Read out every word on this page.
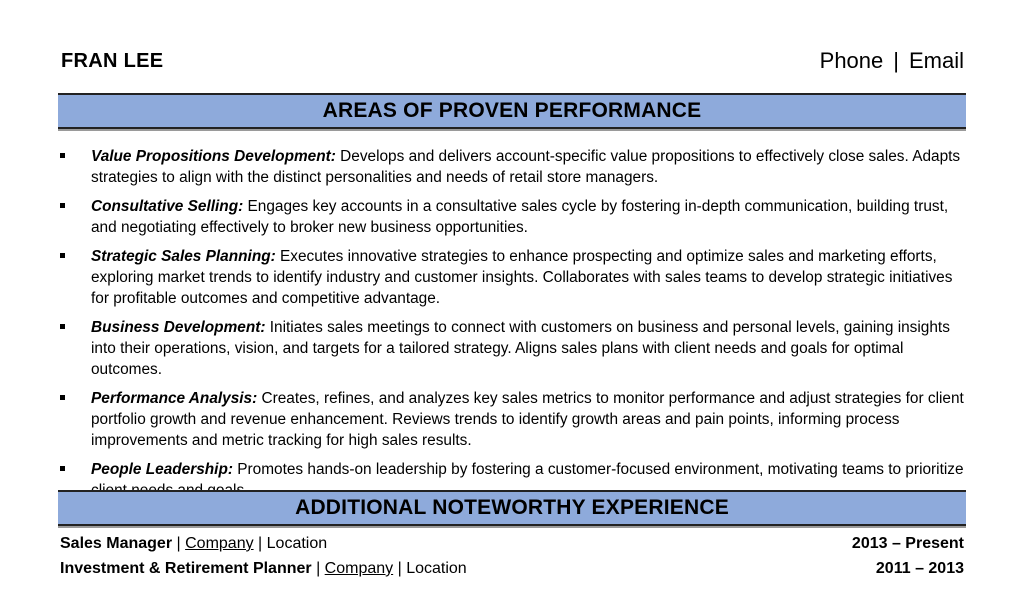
FRAN LEE	Phone | Email
AREAS OF PROVEN PERFORMANCE
Value Propositions Development: Develops and delivers account-specific value propositions to effectively close sales. Adapts strategies to align with the distinct personalities and needs of retail store managers.
Consultative Selling: Engages key accounts in a consultative sales cycle by fostering in-depth communication, building trust, and negotiating effectively to broker new business opportunities.
Strategic Sales Planning: Executes innovative strategies to enhance prospecting and optimize sales and marketing efforts, exploring market trends to identify industry and customer insights. Collaborates with sales teams to develop strategic initiatives for profitable outcomes and competitive advantage.
Business Development: Initiates sales meetings to connect with customers on business and personal levels, gaining insights into their operations, vision, and targets for a tailored strategy. Aligns sales plans with client needs and goals for optimal outcomes.
Performance Analysis: Creates, refines, and analyzes key sales metrics to monitor performance and adjust strategies for client portfolio growth and revenue enhancement. Reviews trends to identify growth areas and pain points, informing process improvements and metric tracking for high sales results.
People Leadership: Promotes hands-on leadership by fostering a customer-focused environment, motivating teams to prioritize
ADDITIONAL NOTEWORTHY EXPERIENCE
Sales Manager | Company | Location	2013 – Present
Investment & Retirement Planner | Company | Location	2011 – 2013
